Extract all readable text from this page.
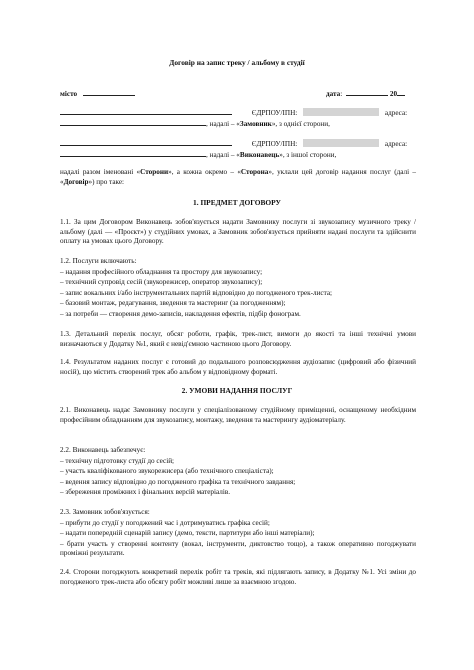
Договір на запис треку / альбому в студії
місто	дата:	20
ЄДРПОУ/ІПН:	адреса:
, надалі – «Замовник», з однієї сторони,
ЄДРПОУ/ІПН:	адреса:
, надалі – «Виконавець», з іншої сторони,
надалі разом іменовані «Сторони», а кожна окремо – «Сторона», уклали цей договір надання послуг (далі – «Договір») про таке:
1. ПРЕДМЕТ ДОГОВОРУ
1.1. За цим Договором Виконавець зобов'язується надати Замовнику послуги зі звукозапису музичного треку / альбому (далі — «Проєкт») у студійних умовах, а Замовник зобов'язується прийняти надані послуги та здійснити оплату на умовах цього Договору.
1.2. Послуги включають:
– надання професійного обладнання та простору для звукозапису;
– технічний супровід сесій (звукорежисер, оператор звукозапису);
– запис вокальних і/або інструментальних партій відповідно до погодженого трек-листа;
– базовий монтаж, редагування, зведення та мастеринг (за погодженням);
– за потреби — створення демо-записів, накладення ефектів, підбір фонограм.
1.3. Детальний перелік послуг, обсяг роботи, графік, трек-лист, вимоги до якості та інші технічні умови визначаються у Додатку №1, який є невід'ємною частиною цього Договору.
1.4. Результатом наданих послуг є готовий до подальшого розповсюдження аудіозапис (цифровий або фізичний носій), що містить створений трек або альбом у відповідному форматі.
2. УМОВИ НАДАННЯ ПОСЛУГ
2.1. Виконавець надає Замовнику послуги у спеціалізованому студійному приміщенні, оснащеному необхідним професійним обладнанням для звукозапису, монтажу, зведення та мастерингу аудіоматеріалу.
2.2. Виконавець забезпечує:
– технічну підготовку студії до сесій;
– участь кваліфікованого звукорежисера (або технічного спеціаліста);
– ведення запису відповідно до погодженого графіка та технічного завдання;
– збереження проміжних і фінальних версій матеріалів.
2.3. Замовник зобов'язується:
– прибути до студії у погоджений час і дотримуватись графіка сесій;
– надати попередній сценарій запису (демо, тексти, партитури або інші матеріали);
– брати участь у створенні контенту (вокал, інструменти, диктовство тощо), а також оперативно погоджувати проміжні результати.
2.4. Сторони погоджують конкретний перелік робіт та треків, які підлягають запису, в Додатку №1. Усі зміни до погодженого трек-листа або обсягу робіт можливі лише за взаємною згодою.
